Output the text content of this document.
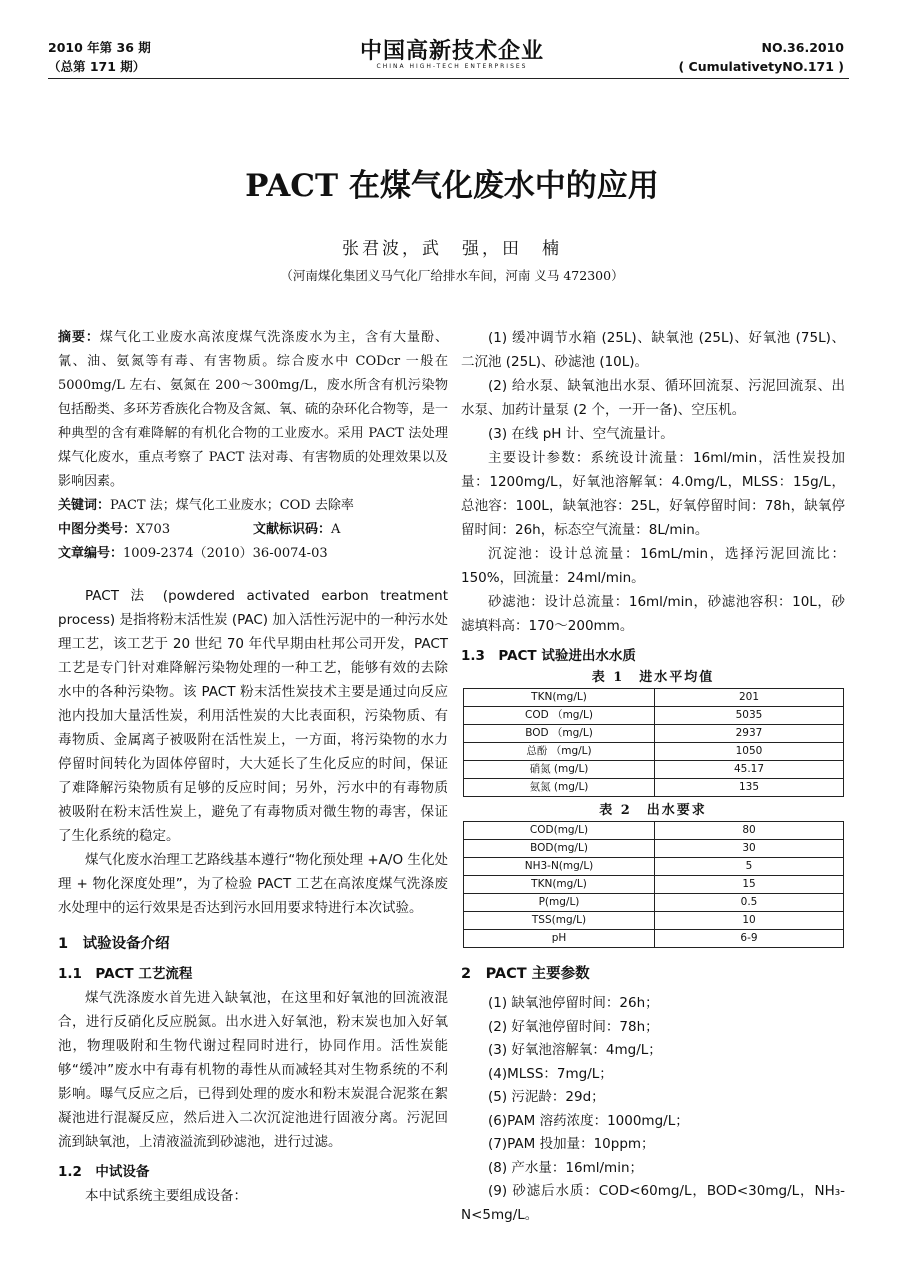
2010 年第 36 期
（总第 171 期）
中国高新技术企业
CHINA HIGH-TECH ENTERPRISES
NO.36.2010
( CumulativetyNO.171 )
PACT 在煤气化废水中的应用
张君波，武　强，田　楠
（河南煤化集团义马气化厂给排水车间，河南 义马 472300）

摘要：煤气化工业废水高浓度煤气洗涤废水为主，含有大量酚、氰、油、氨氮等有毒、有害物质。综合废水中 CODcr 一般在 5000mg/L 左右、氨氮在 200～300mg/L，废水所含有机污染物包括酚类、多环芳香族化合物及含氮、氧、硫的杂环化合物等，是一种典型的含有难降解的有机化合物的工业废水。采用 PACT 法处理煤气化废水，重点考察了 PACT 法对毒、有害物质的处理效果以及影响因素。

关键词：PACT 法；煤气化工业废水；COD 去除率

中图分类号：X703	文献标识码：A

文章编号：1009-2374（2010）36-0074-03

PACT 法 (powdered activated earbon treatment process) 是指将粉末活性炭 (PAC) 加入活性污泥中的一种污水处理工艺，该工艺于 20 世纪 70 年代早期由杜邦公司开发，PACT 工艺是专门针对难降解污染物处理的一种工艺，能够有效的去除水中的各种污染物。该 PACT 粉末活性炭技术主要是通过向反应池内投加大量活性炭，利用活性炭的大比表面积，污染物质、有毒物质、金属离子被吸附在活性炭上，一方面，将污染物的水力停留时间转化为固体停留时，大大延长了生化反应的时间，保证了难降解污染物质有足够的反应时间；另外，污水中的有毒物质被吸附在粉末活性炭上，避免了有毒物质对微生物的毒害，保证了生化系统的稳定。

煤气化废水治理工艺路线基本遵行“物化预处理 +A/O 生化处理 + 物化深度处理”，为了检验 PACT 工艺在高浓度煤气洗涤废水处理中的运行效果是否达到污水回用要求特进行本次试验。

1　试验设备介绍
1.1　PACT 工艺流程

煤气洗涤废水首先进入缺氧池，在这里和好氧池的回流液混合，进行反硝化反应脱氮。出水进入好氧池，粉末炭也加入好氧池，物理吸附和生物代谢过程同时进行，协同作用。活性炭能够“缓冲”废水中有毒有机物的毒性从而减轻其对生物系统的不利影响。曝气反应之后，已得到处理的废水和粉末炭混合泥浆在絮凝池进行混凝反应，然后进入二次沉淀池进行固液分离。污泥回流到缺氧池，上清液溢流到砂滤池，进行过滤。

1.2　中试设备

本中试系统主要组成设备：

(1) 缓冲调节水箱 (25L)、缺氧池 (25L)、好氧池 (75L)、二沉池 (25L)、砂滤池 (10L)。

(2) 给水泵、缺氧池出水泵、循环回流泵、污泥回流泵、出水泵、加药计量泵 (2 个，一开一备)、空压机。

(3) 在线 pH 计、空气流量计。

主要设计参数：系统设计流量：16ml/min，活性炭投加量：1200mg/L，好氧池溶解氧：4.0mg/L，MLSS：15g/L，总池容：100L，缺氧池容：25L，好氧停留时间：78h，缺氧停留时间：26h，标态空气流量：8L/min。

沉淀池：设计总流量：16mL/min，选择污泥回流比：150%，回流量：24ml/min。

砂滤池：设计总流量：16ml/min，砂滤池容积：10L，砂滤填料高：170～200mm。

1.3　PACT 试验进出水水质
表 1　进水平均值
TKN(mg/L)	201
COD （mg/L)	5035
BOD （mg/L)	2937
总酚 （mg/L)	1050
硝氮 (mg/L)	45.17
氨氮 (mg/L)	135
表 2　出水要求
COD(mg/L)	80
BOD(mg/L)	30
NH3-N(mg/L)	5
TKN(mg/L)	15
P(mg/L)	0.5
TSS(mg/L)	10
pH	6-9
2　PACT 主要参数

(1) 缺氧池停留时间：26h；

(2) 好氧池停留时间：78h；

(3) 好氧池溶解氧：4mg/L；

(4)MLSS：7mg/L；

(5) 污泥龄：29d；

(6)PAM 溶药浓度：1000mg/L；

(7)PAM 投加量：10ppm；

(8) 产水量：16ml/min；

(9) 砂滤后水质：COD<60mg/L，BOD<30mg/L，NH₃-N<5mg/L。
